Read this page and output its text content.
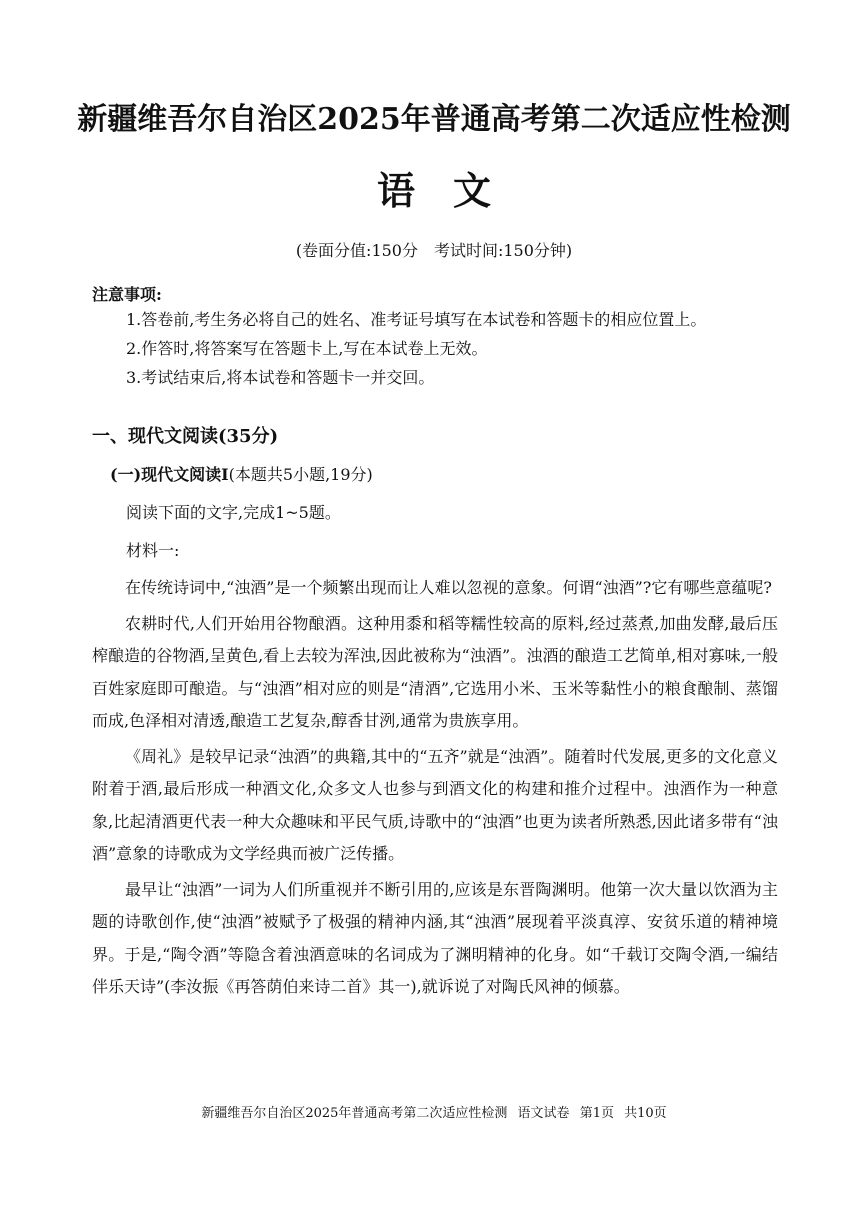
新疆维吾尔自治区2025年普通高考第二次适应性检测
语文
(卷面分值:150分　考试时间:150分钟)
注意事项:
1.答卷前,考生务必将自己的姓名、准考证号填写在本试卷和答题卡的相应位置上。
2.作答时,将答案写在答题卡上,写在本试卷上无效。
3.考试结束后,将本试卷和答题卡一并交回。
一、现代文阅读(35分)
(一)现代文阅读Ⅰ(本题共5小题,19分)
阅读下面的文字,完成1~5题。
材料一:

在传统诗词中,“浊酒”是一个频繁出现而让人难以忽视的意象。何谓“浊酒”?它有哪些意蕴呢?

农耕时代,人们开始用谷物酿酒。这种用黍和稻等糯性较高的原料,经过蒸煮,加曲发酵,最后压榨酿造的谷物酒,呈黄色,看上去较为浑浊,因此被称为“浊酒”。浊酒的酿造工艺简单,相对寡味,一般百姓家庭即可酿造。与“浊酒”相对应的则是“清酒”,它选用小米、玉米等黏性小的粮食酿制、蒸馏而成,色泽相对清透,酿造工艺复杂,醇香甘洌,通常为贵族享用。

《周礼》是较早记录“浊酒”的典籍,其中的“五齐”就是“浊酒”。随着时代发展,更多的文化意义附着于酒,最后形成一种酒文化,众多文人也参与到酒文化的构建和推介过程中。浊酒作为一种意象,比起清酒更代表一种大众趣味和平民气质,诗歌中的“浊酒”也更为读者所熟悉,因此诸多带有“浊酒”意象的诗歌成为文学经典而被广泛传播。

最早让“浊酒”一词为人们所重视并不断引用的,应该是东晋陶渊明。他第一次大量以饮酒为主题的诗歌创作,使“浊酒”被赋予了极强的精神内涵,其“浊酒”展现着平淡真淳、安贫乐道的精神境界。于是,“陶令酒”等隐含着浊酒意味的名词成为了渊明精神的化身。如“千载订交陶令酒,一编结伴乐天诗”(李汝振《再答荫伯来诗二首》其一),就诉说了对陶氏风神的倾慕。

新疆维吾尔自治区2025年普通高考第二次适应性检测 语文试卷 第1页 共10页
